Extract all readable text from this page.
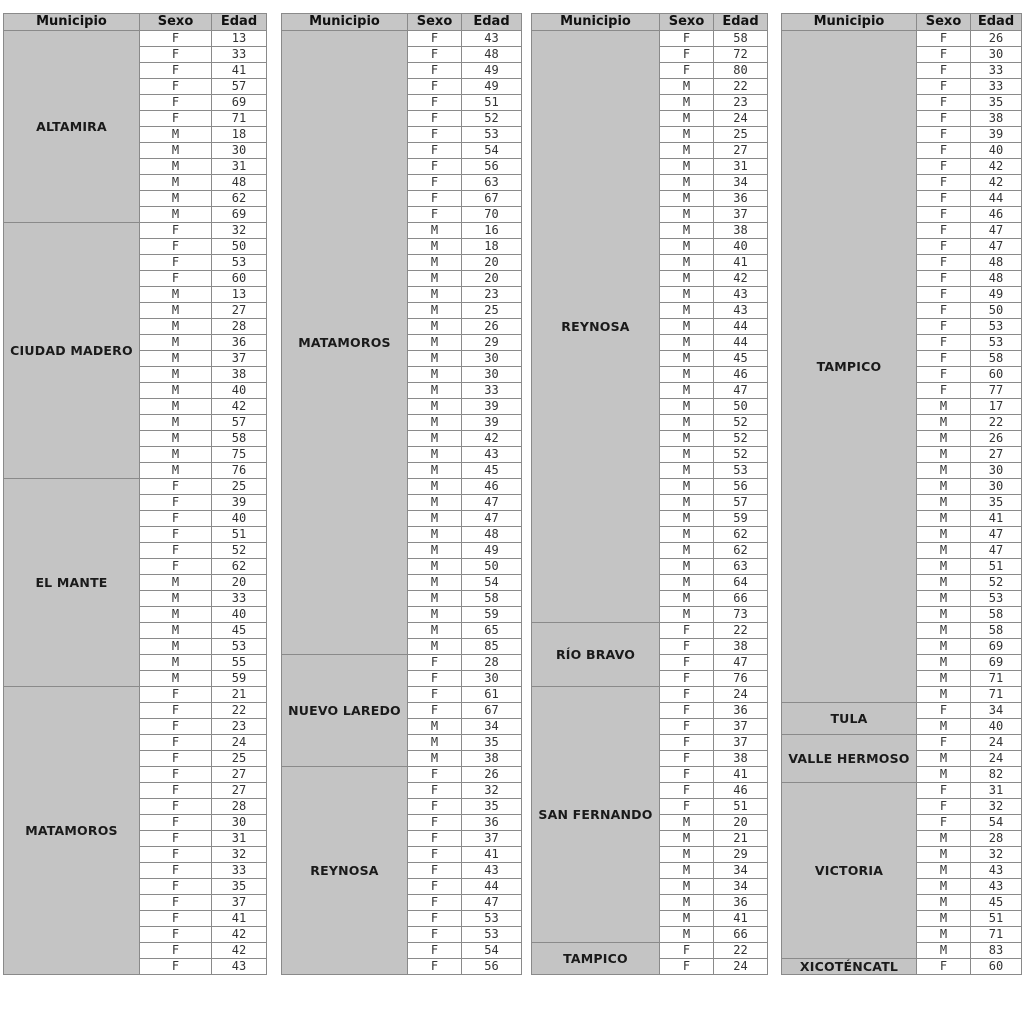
Municipio	Sexo	Edad
ALTAMIRA	F	13
	F	33
	F	41
	F	57
	F	69
	F	71
	M	18
	M	30
	M	31
	M	48
	M	62
	M	69
CIUDAD MADERO	F	32
	F	50
	F	53
	F	60
	M	13
	M	27
	M	28
	M	36
	M	37
	M	38
	M	40
	M	42
	M	57
	M	58
	M	75
	M	76
EL MANTE	F	25
	F	39
	F	40
	F	51
	F	52
	F	62
	M	20
	M	33
	M	40
	M	45
	M	53
	M	55
	M	59
MATAMOROS	F	21
	F	22
	F	23
	F	24
	F	25
	F	27
	F	27
	F	28
	F	30
	F	31
	F	32
	F	33
	F	35
	F	37
	F	41
	F	42
	F	42
	F	43
Municipio	Sexo	Edad
MATAMOROS	F	43
	F	48
	F	49
	F	49
	F	51
	F	52
	F	53
	F	54
	F	56
	F	63
	F	67
	F	70
	M	16
	M	18
	M	20
	M	20
	M	23
	M	25
	M	26
	M	29
	M	30
	M	30
	M	33
	M	39
	M	39
	M	42
	M	43
	M	45
	M	46
	M	47
	M	47
	M	48
	M	49
	M	50
	M	54
	M	58
	M	59
	M	65
	M	85
NUEVO LAREDO	F	28
	F	30
	F	61
	F	67
	M	34
	M	35
	M	38
REYNOSA	F	26
	F	32
	F	35
	F	36
	F	37
	F	41
	F	43
	F	44
	F	47
	F	53
	F	53
	F	54
	F	56
Municipio	Sexo	Edad
REYNOSA	F	58
	F	72
	F	80
	M	22
	M	23
	M	24
	M	25
	M	27
	M	31
	M	34
	M	36
	M	37
	M	38
	M	40
	M	41
	M	42
	M	43
	M	43
	M	44
	M	44
	M	45
	M	46
	M	47
	M	50
	M	52
	M	52
	M	52
	M	53
	M	56
	M	57
	M	59
	M	62
	M	62
	M	63
	M	64
	M	66
	M	73
RÍO BRAVO	F	22
	F	38
	F	47
	F	76
SAN FERNANDO	F	24
	F	36
	F	37
	F	37
	F	38
	F	41
	F	46
	F	51
	M	20
	M	21
	M	29
	M	34
	M	34
	M	36
	M	41
	M	66
TAMPICO	F	22
	F	24
Municipio	Sexo	Edad
TAMPICO	F	26
	F	30
	F	33
	F	33
	F	35
	F	38
	F	39
	F	40
	F	42
	F	42
	F	44
	F	46
	F	47
	F	47
	F	48
	F	48
	F	49
	F	50
	F	53
	F	53
	F	58
	F	60
	F	77
	M	17
	M	22
	M	26
	M	27
	M	30
	M	30
	M	35
	M	41
	M	47
	M	47
	M	51
	M	52
	M	53
	M	58
	M	58
	M	69
	M	69
	M	71
	M	71
TULA	F	34
	M	40
VALLE HERMOSO	F	24
	M	24
	M	82
VICTORIA	F	31
	F	32
	F	54
	M	28
	M	32
	M	43
	M	43
	M	45
	M	51
	M	71
	M	83
XICOTÉNCATL	F	60
